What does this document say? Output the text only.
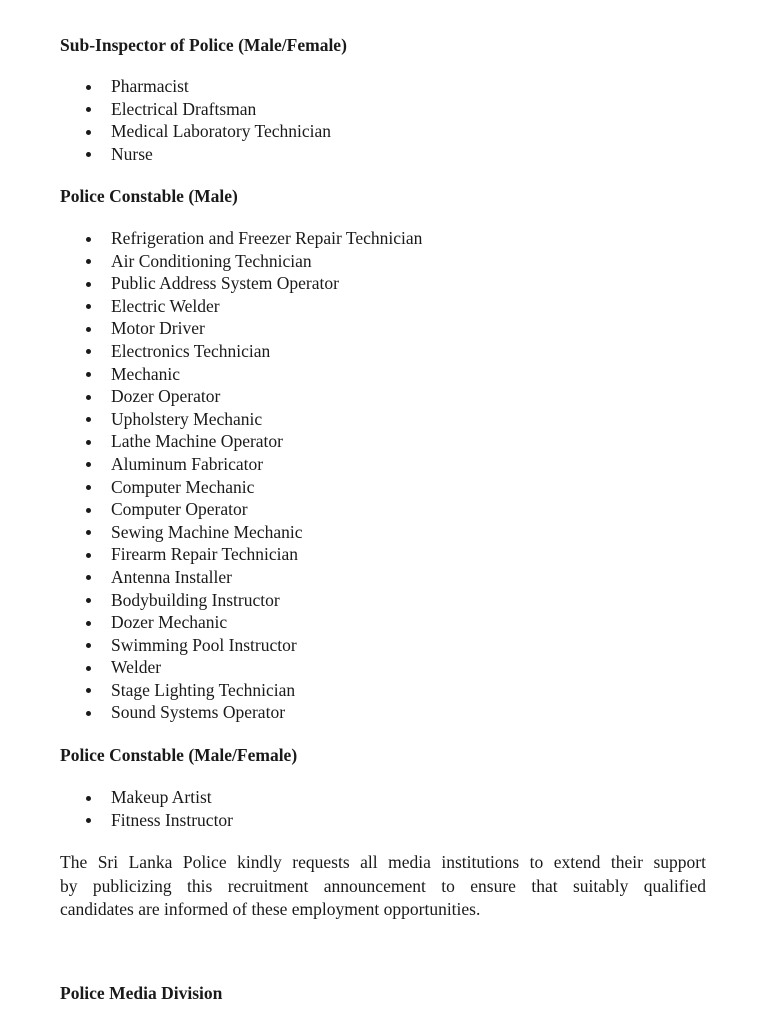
Sub-Inspector of Police (Male/Female)
Pharmacist
Electrical Draftsman
Medical Laboratory Technician
Nurse
Police Constable (Male)
Refrigeration and Freezer Repair Technician
Air Conditioning Technician
Public Address System Operator
Electric Welder
Motor Driver
Electronics Technician
Mechanic
Dozer Operator
Upholstery Mechanic
Lathe Machine Operator
Aluminum Fabricator
Computer Mechanic
Computer Operator
Sewing Machine Mechanic
Firearm Repair Technician
Antenna Installer
Bodybuilding Instructor
Dozer Mechanic
Swimming Pool Instructor
Welder
Stage Lighting Technician
Sound Systems Operator
Police Constable (Male/Female)
Makeup Artist
Fitness Instructor
The Sri Lanka Police kindly requests all media institutions to extend their support
by publicizing this recruitment announcement to ensure that suitably qualified
candidates are informed of these employment opportunities.
Police Media Division
